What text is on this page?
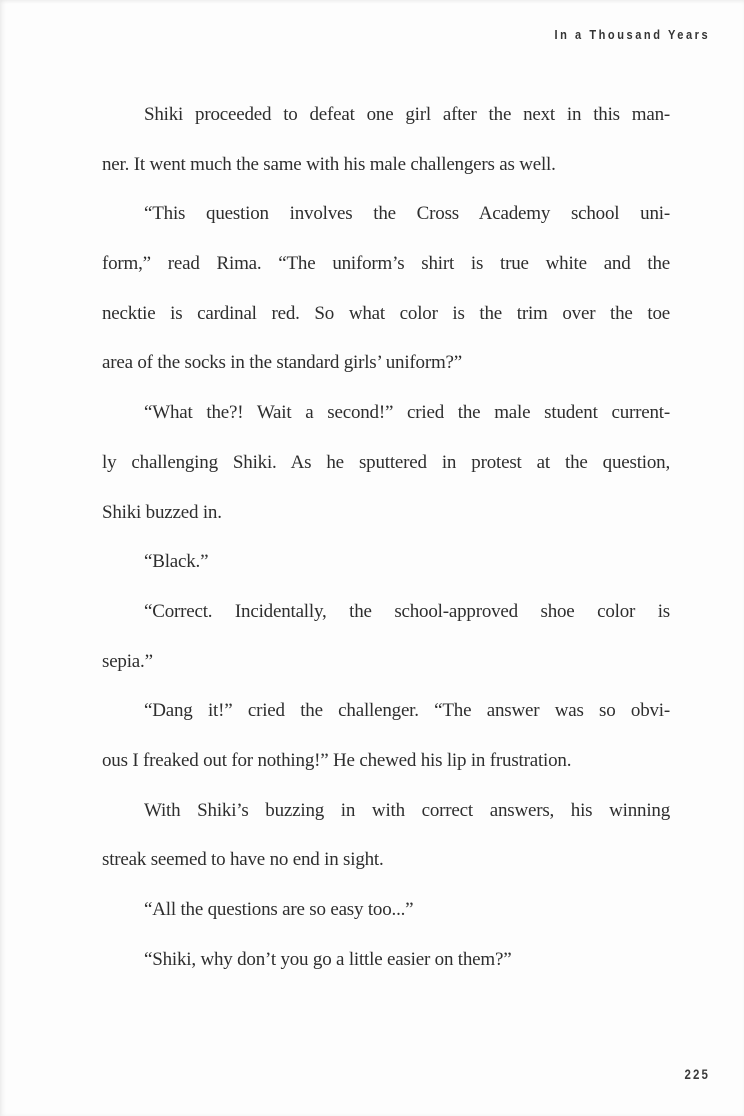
In a Thousand Years
Shiki proceeded to defeat one girl after the next in this man-
ner. It went much the same with his male challengers as well.
“This question involves the Cross Academy school uni-
form,” read Rima. “The uniform’s shirt is true white and the
necktie is cardinal red. So what color is the trim over the toe
area of the socks in the standard girls’ uniform?”
“What the?! Wait a second!” cried the male student current-
ly challenging Shiki. As he sputtered in protest at the question,
Shiki buzzed in.
“Black.”
“Correct. Incidentally, the school-approved shoe color is
sepia.”
“Dang it!” cried the challenger. “The answer was so obvi-
ous I freaked out for nothing!” He chewed his lip in frustration.
With Shiki’s buzzing in with correct answers, his winning
streak seemed to have no end in sight.
“All the questions are so easy too...”
“Shiki, why don’t you go a little easier on them?”
225
